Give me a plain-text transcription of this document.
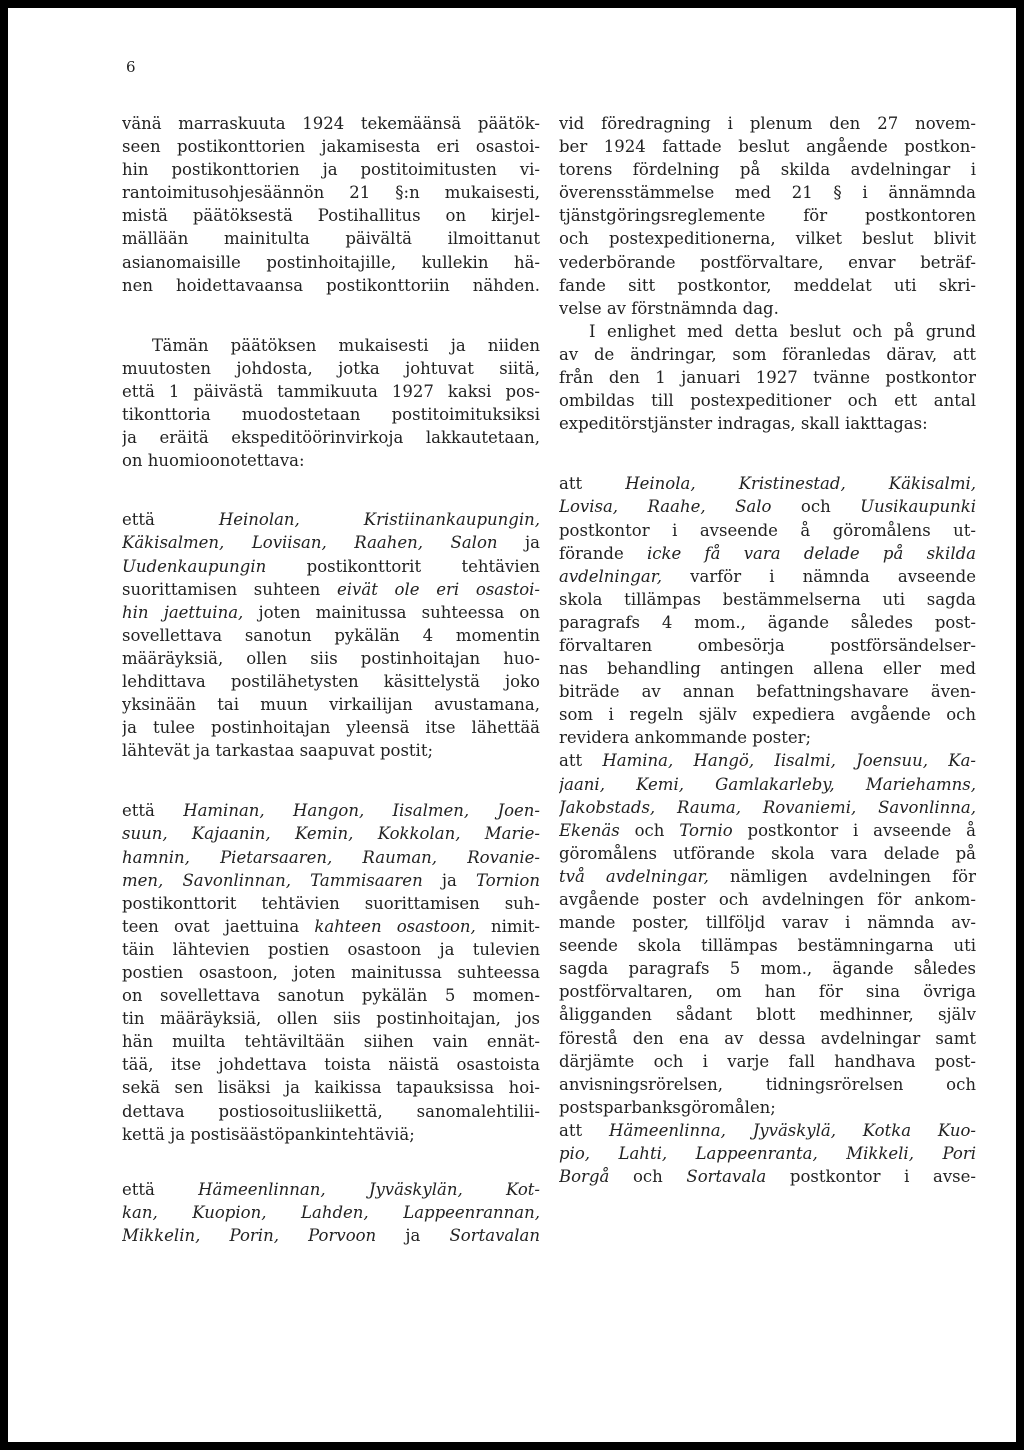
6
vänä marraskuuta 1924 tekemäänsä päätök-
seen postikonttorien jakamisesta eri osastoi-
hin postikonttorien ja postitoimitusten vi-
rantoimitusohjesäännön 21 §:n mukaisesti,
mistä päätöksestä Postihallitus on kirjel-
mällään mainitulta päivältä ilmoittanut
asianomaisille postinhoitajille, kullekin hä-
nen hoidettavaansa postikonttoriin nähden.
Tämän päätöksen mukaisesti ja niiden
muutosten johdosta, jotka johtuvat siitä,
että 1 päivästä tammikuuta 1927 kaksi pos-
tikonttoria muodostetaan postitoimituksiksi
ja eräitä ekspeditöörinvirkoja lakkautetaan,
on huomioonotettava:
että Heinolan, Kristiinankaupungin,
Käkisalmen, Loviisan, Raahen, Salon ja
Uudenkaupungin postikonttorit tehtävien
suorittamisen suhteen eivät ole eri osastoi-
hin jaettuina, joten mainitussa suhteessa on
sovellettava sanotun pykälän 4 momentin
määräyksiä, ollen siis postinhoitajan huo-
lehdittava postilähetysten käsittelystä joko
yksinään tai muun virkailijan avustamana,
ja tulee postinhoitajan yleensä itse lähettää
lähtevät ja tarkastaa saapuvat postit;
että Haminan, Hangon, Iisalmen, Joen-
suun, Kajaanin, Kemin, Kokkolan, Marie-
hamnin, Pietarsaaren, Rauman, Rovanie-
men, Savonlinnan, Tammisaaren ja Tornion
postikonttorit tehtävien suorittamisen suh-
teen ovat jaettuina kahteen osastoon, nimit-
täin lähtevien postien osastoon ja tulevien
postien osastoon, joten mainitussa suhteessa
on sovellettava sanotun pykälän 5 momen-
tin määräyksiä, ollen siis postinhoitajan, jos
hän muilta tehtäviltään siihen vain ennät-
tää, itse johdettava toista näistä osastoista
sekä sen lisäksi ja kaikissa tapauksissa hoi-
dettava postiosoitusliikettä, sanomalehtilii-
kettä ja postisäästöpankintehtäviä;
että Hämeenlinnan, Jyväskylän, Kot-
kan, Kuopion, Lahden, Lappeenrannan,
Mikkelin, Porin, Porvoon ja Sortavalan
vid föredragning i plenum den 27 novem-
ber 1924 fattade beslut angående postkon-
torens fördelning på skilda avdelningar i
överensstämmelse med 21 § i ännämnda
tjänstgöringsreglemente för postkontoren
och postexpeditionerna, vilket beslut blivit
vederbörande postförvaltare, envar beträf-
fande sitt postkontor, meddelat uti skri-
velse av förstnämnda dag.
I enlighet med detta beslut och på grund
av de ändringar, som föranledas därav, att
från den 1 januari 1927 tvänne postkontor
ombildas till postexpeditioner och ett antal
expeditörstjänster indragas, skall iakttagas:
att Heinola, Kristinestad, Käkisalmi,
Lovisa, Raahe, Salo och Uusikaupunki
postkontor i avseende å göromålens ut-
förande icke få vara delade på skilda
avdelningar, varför i nämnda avseende
skola tillämpas bestämmelserna uti sagda
paragrafs 4 mom., ägande således post-
förvaltaren ombesörja postförsändelser-
nas behandling antingen allena eller med
biträde av annan befattningshavare även-
som i regeln själv expediera avgående och
revidera ankommande poster;
att Hamina, Hangö, Iisalmi, Joensuu, Ka-
jaani, Kemi, Gamlakarleby, Mariehamns,
Jakobstads, Rauma, Rovaniemi, Savonlinna,
Ekenäs och Tornio postkontor i avseende å
göromålens utförande skola vara delade på
två avdelningar, nämligen avdelningen för
avgående poster och avdelningen för ankom-
mande poster, tillföljd varav i nämnda av-
seende skola tillämpas bestämningarna uti
sagda paragrafs 5 mom., ägande således
postförvaltaren, om han för sina övriga
åligganden sådant blott medhinner, själv
förestå den ena av dessa avdelningar samt
därjämte och i varje fall handhava post-
anvisningsrörelsen, tidningsrörelsen och
postsparbanksgöromålen;
att Hämeenlinna, Jyväskylä, Kotka Kuo-
pio, Lahti, Lappeenranta, Mikkeli, Pori
Borgå och Sortavala postkontor i avse-
